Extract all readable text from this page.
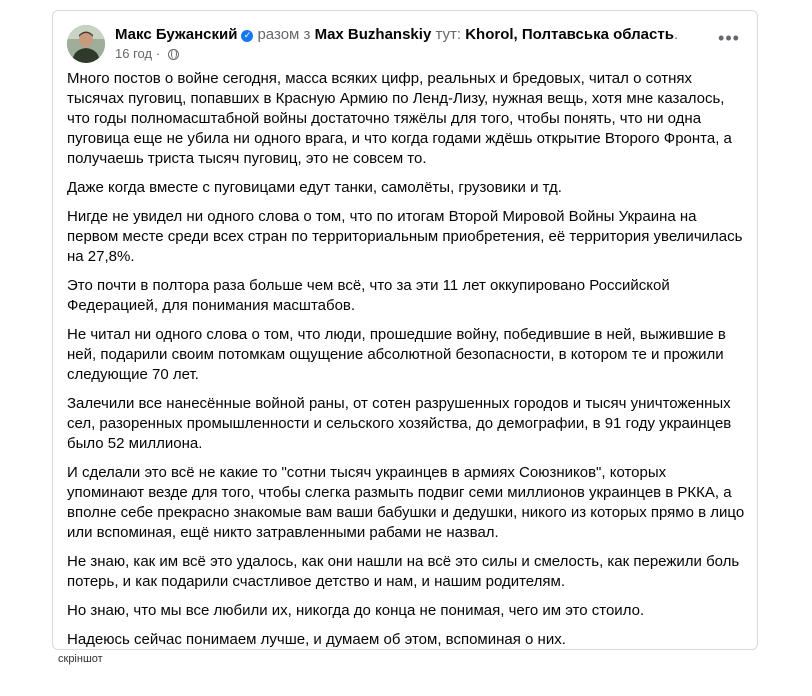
Макс Бужанский ✓ разом з Max Buzhanskiy тут: Khorol, Полтавська область.
16 год ·
•••

Много постов о войне сегодня, масса всяких цифр, реальных и бредовых, читал о сотнях тысячах пуговиц, попавших в Красную Армию по Ленд-Лизу, нужная вещь, хотя мне казалось, что годы полномасштабной войны достаточно тяжёлы для того, чтобы понять, что ни одна пуговица еще не убила ни одного врага, и что когда годами ждёшь открытие Второго Фронта, а получаешь триста тысяч пуговиц, это не совсем то.

Даже когда вместе с пуговицами едут танки, самолёты, грузовики и тд.

Нигде не увидел ни одного слова о том, что по итогам Второй Мировой Войны Украина на первом месте среди всех стран по территориальным приобретения, её территория увеличилась на 27,8%.

Это почти в полтора раза больше чем всё, что за эти 11 лет оккупировано Российской Федерацией, для понимания масштабов.

Не читал ни одного слова о том, что люди, прошедшие войну, победившие в ней, выжившие в ней, подарили своим потомкам ощущение абсолютной безопасности, в котором те и прожили следующие 70 лет.

Залечили все нанесённые войной раны, от сотен разрушенных городов и тысяч уничтоженных сел, разоренных промышленности и сельского хозяйства, до демографии, в 91 году украинцев было 52 миллиона.

И сделали это всё не какие то "сотни тысяч украинцев в армиях Союзников", которых упоминают везде для того, чтобы слегка размыть подвиг семи миллионов украинцев в РККА, а вполне себе прекрасно знакомые вам ваши бабушки и дедушки, никого из которых прямо в лицо или вспоминая, ещё никто затравленными рабами не назвал.

Не знаю, как им всё это удалось, как они нашли на всё это силы и смелость, как пережили боль потерь, и как подарили счастливое детство и нам, и нашим родителям.

Но знаю, что мы все любили их, никогда до конца не понимая, чего им это стоило.

Надеюсь сейчас понимаем лучше, и думаем об этом, вспоминая о них.

скріншот
